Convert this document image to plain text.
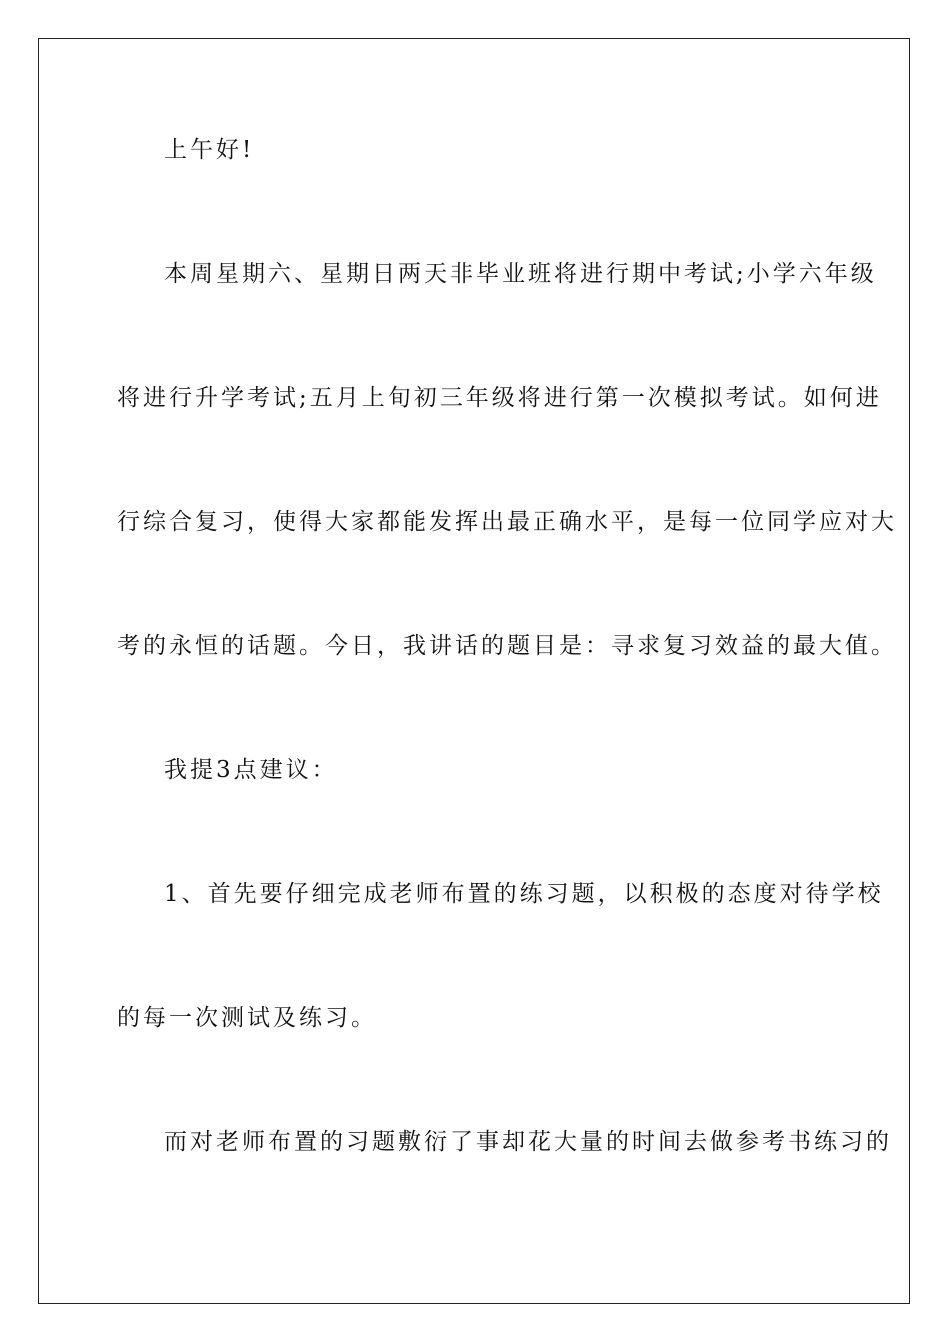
上午好!
本周星期六、星期日两天非毕业班将进行期中考试;小学六年级
将进行升学考试;五月上旬初三年级将进行第一次模拟考试。如何进
行综合复习，使得大家都能发挥出最正确水平，是每一位同学应对大
考的永恒的话题。今日，我讲话的题目是：寻求复习效益的最大值。
我提3点建议：
1、首先要仔细完成老师布置的练习题，以积极的态度对待学校
的每一次测试及练习。
而对老师布置的习题敷衍了事却花大量的时间去做参考书练习的
